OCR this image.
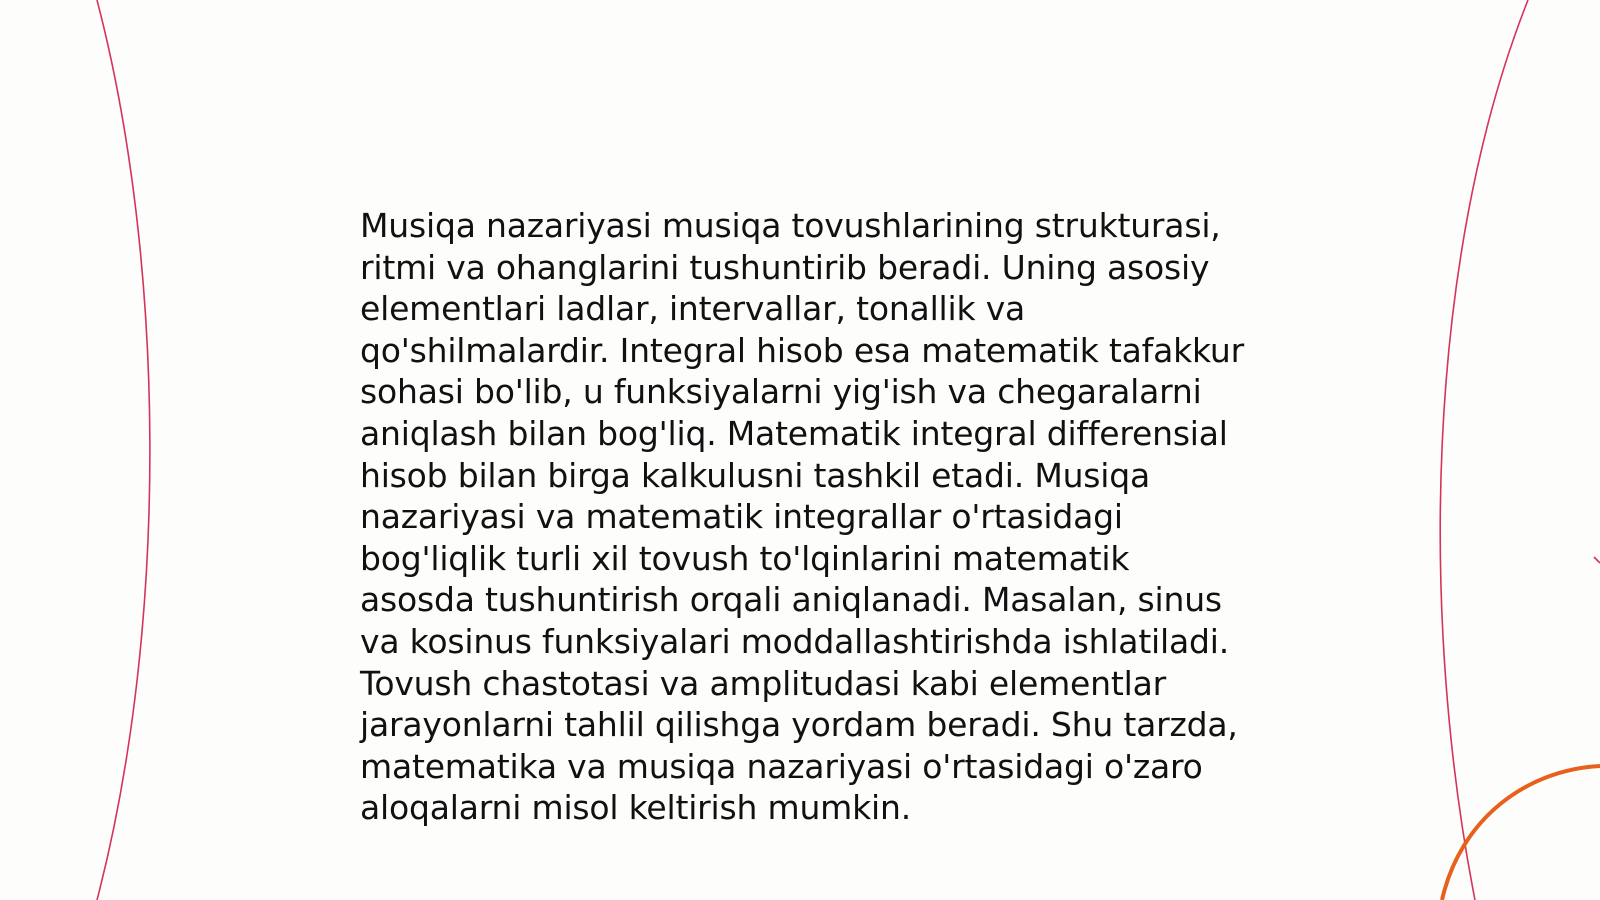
Musiqa nazariyasi musiqa tovushlarining strukturasi,
ritmi va ohanglarini tushuntirib beradi. Uning asosiy
elementlari ladlar, intervallar, tonallik va
qo'shilmalardir. Integral hisob esa matematik tafakkur
sohasi bo'lib, u funksiyalarni yig'ish va chegaralarni
aniqlash bilan bog'liq. Matematik integral differensial
hisob bilan birga kalkulusni tashkil etadi. Musiqa
nazariyasi va matematik integrallar o'rtasidagi
bog'liqlik turli xil tovush to'lqinlarini matematik
asosda tushuntirish orqali aniqlanadi. Masalan, sinus
va kosinus funksiyalari moddallashtirishda ishlatiladi.
Tovush chastotasi va amplitudasi kabi elementlar
jarayonlarni tahlil qilishga yordam beradi. Shu tarzda,
matematika va musiqa nazariyasi o'rtasidagi o'zaro
aloqalarni misol keltirish mumkin.
